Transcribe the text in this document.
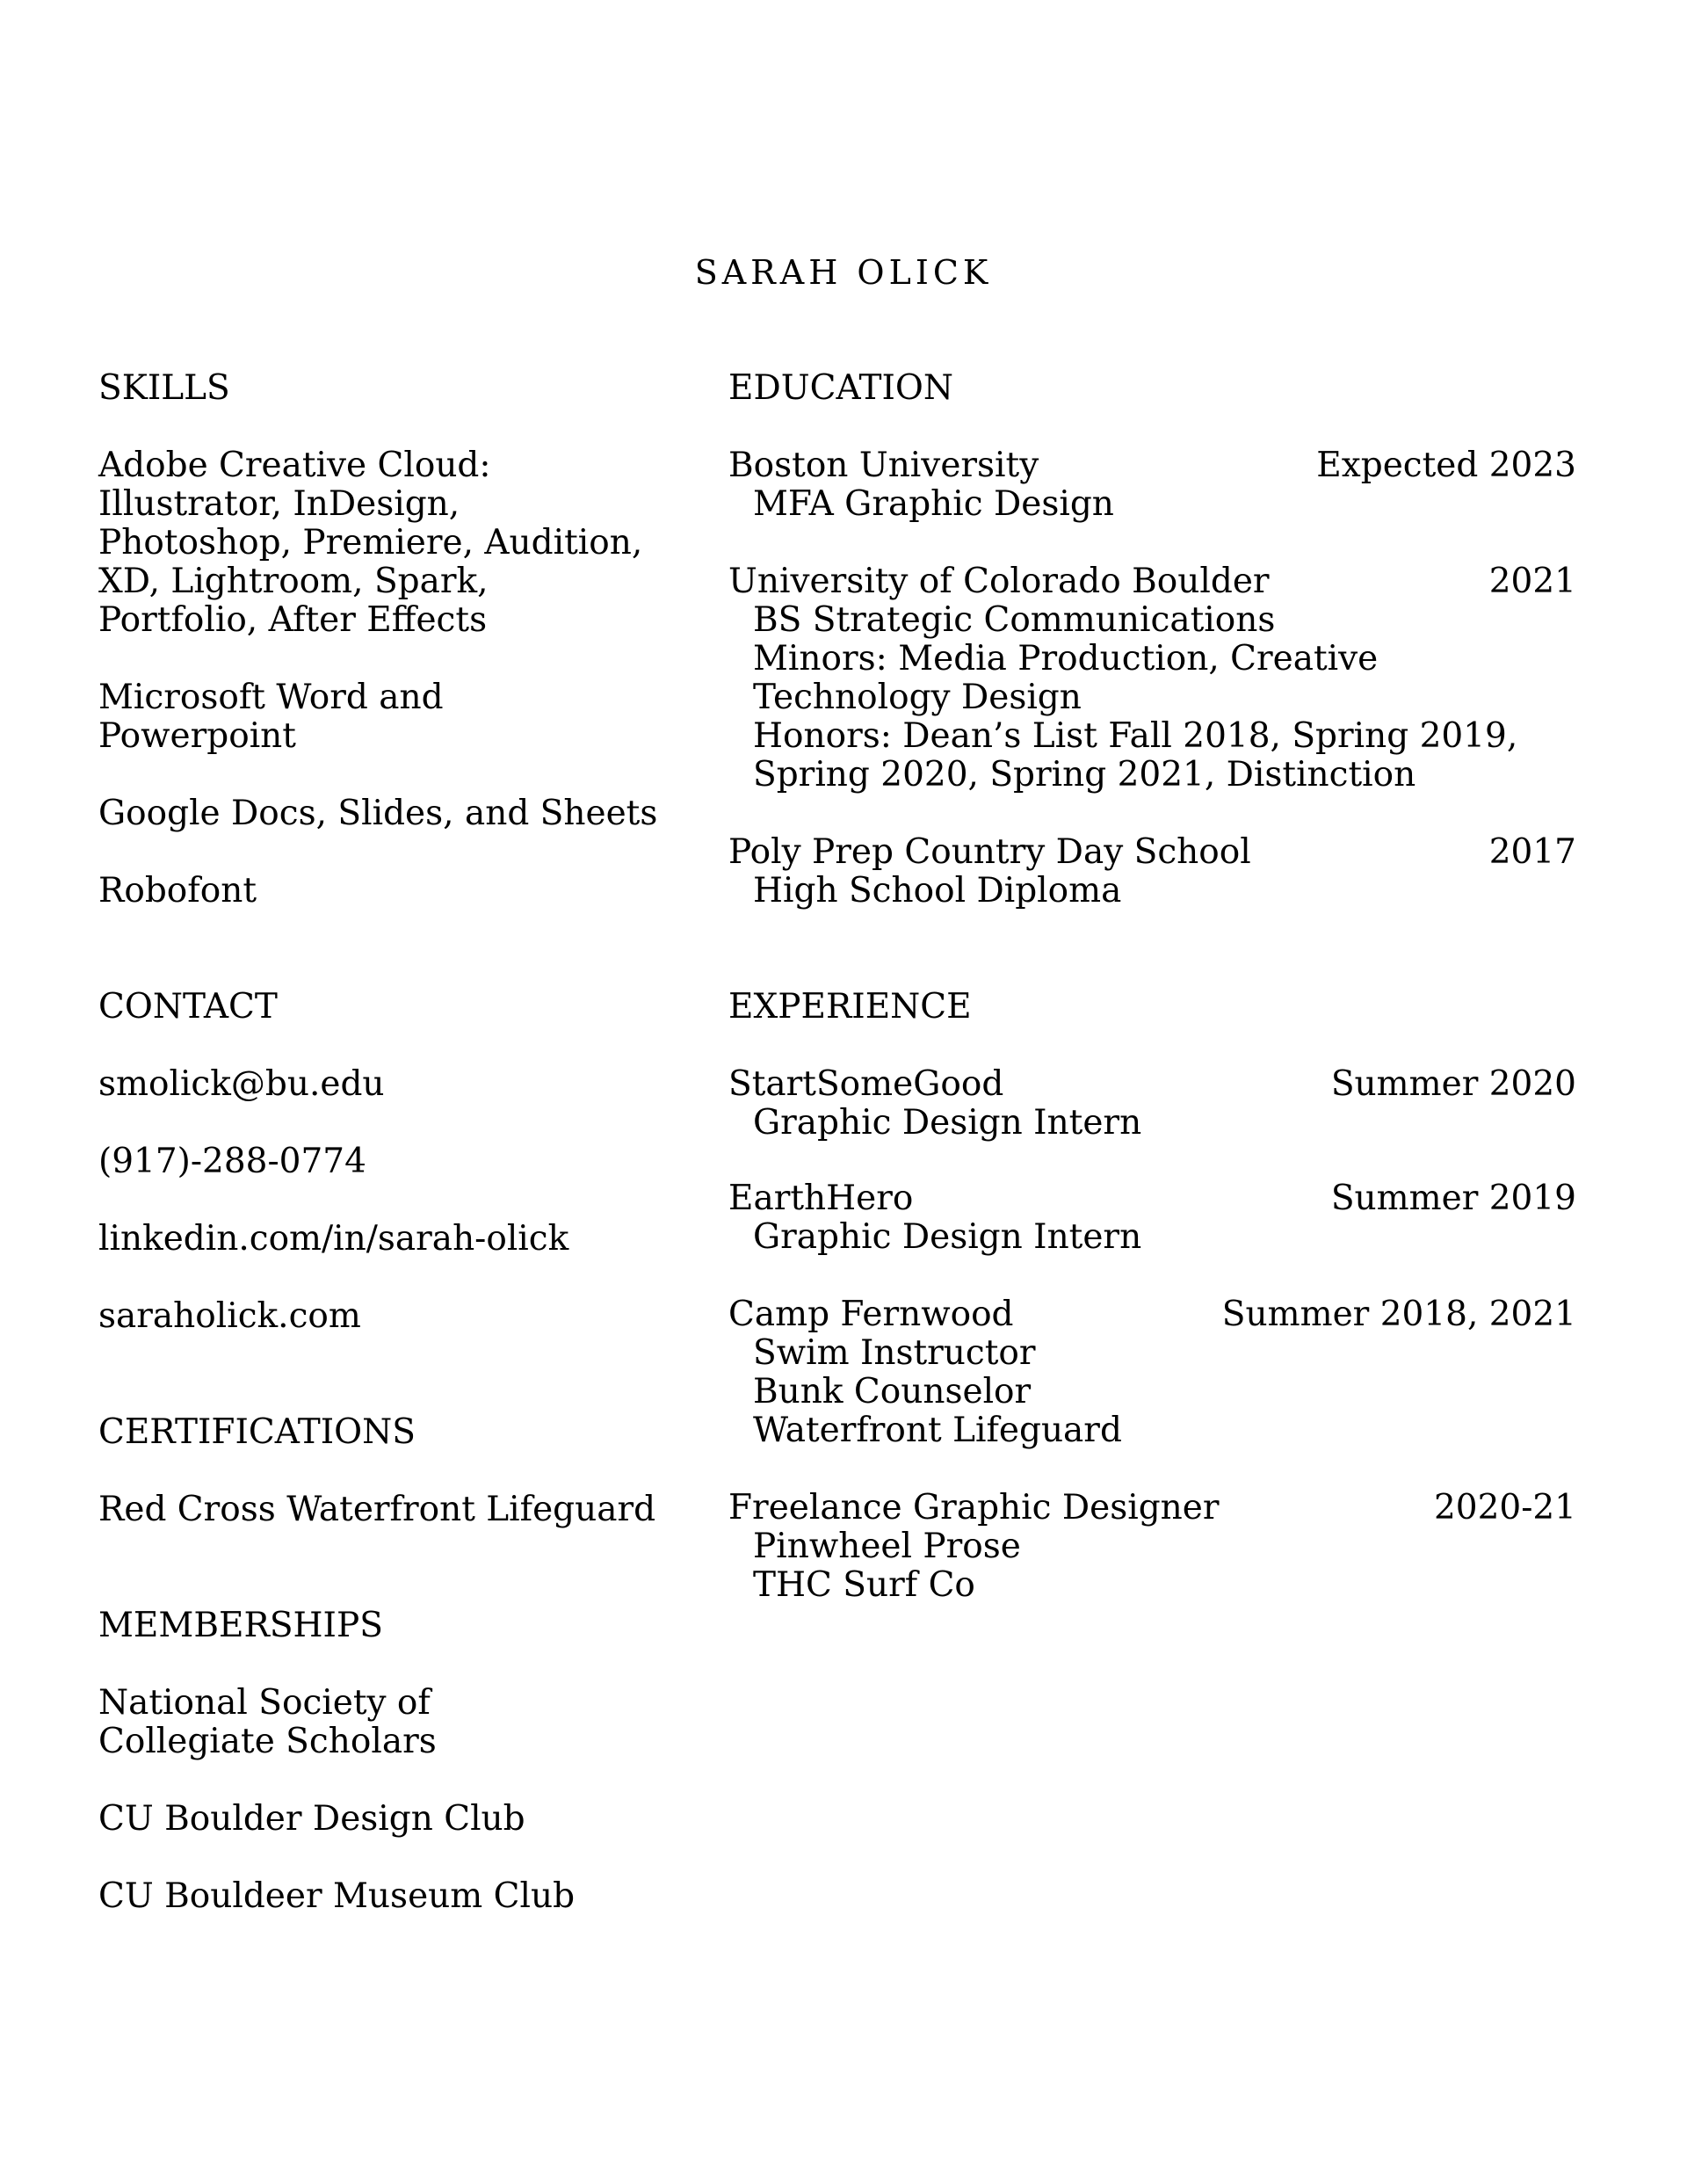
SARAH OLICK
SKILLS
Adobe Creative Cloud:
Illustrator, InDesign,
Photoshop, Premiere, Audition,
XD, Lightroom, Spark,
Portfolio, After Effects
Microsoft Word and
Powerpoint
Google Docs, Slides, and Sheets
Robofont
CONTACT
smolick@bu.edu
(917)-288-0774
linkedin.com/in/sarah-olick
saraholick.com
CERTIFICATIONS
Red Cross Waterfront Lifeguard
MEMBERSHIPS
National Society of
Collegiate Scholars
CU Boulder Design Club
CU Bouldeer Museum Club
EDUCATION
Boston University	Expected 2023
MFA Graphic Design
University of Colorado Boulder	2021
BS Strategic Communications
Minors: Media Production, Creative
Technology Design
Honors: Dean’s List Fall 2018, Spring 2019,
Spring 2020, Spring 2021, Distinction
Poly Prep Country Day School	2017
High School Diploma
EXPERIENCE
StartSomeGood	Summer 2020
Graphic Design Intern
EarthHero	Summer 2019
Graphic Design Intern
Camp Fernwood	Summer 2018, 2021
Swim Instructor
Bunk Counselor
Waterfront Lifeguard
Freelance Graphic Designer	2020-21
Pinwheel Prose
THC Surf Co
